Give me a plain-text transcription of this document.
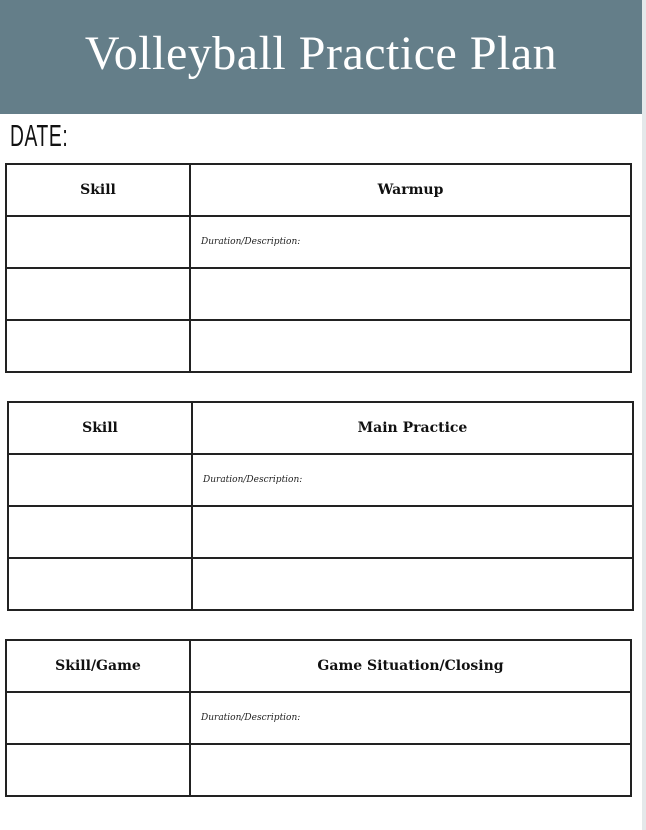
Volleyball Practice Plan
DATE:
Skill	Warmup
	Duration/Description:

Skill	Main Practice
	Duration/Description:

Skill/Game	Game Situation/Closing
	Duration/Description:
